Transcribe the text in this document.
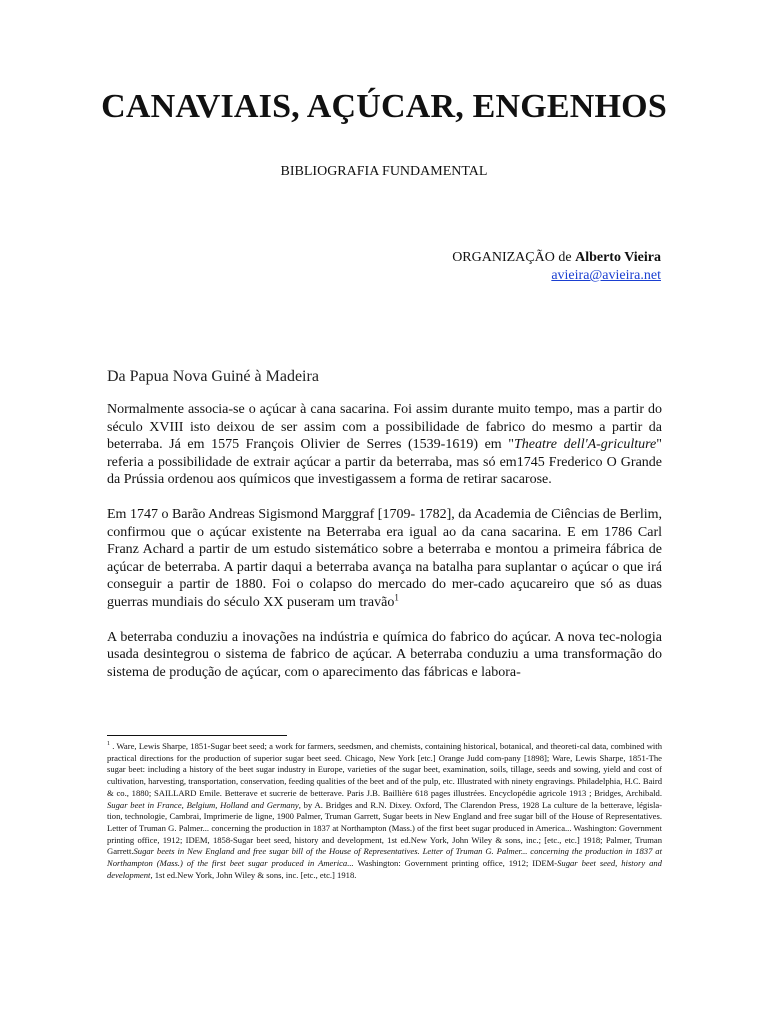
CANAVIAIS, AÇÚCAR, ENGENHOS
BIBLIOGRAFIA FUNDAMENTAL
ORGANIZAÇÃO de Alberto Vieira
avieira@avieira.net
Da Papua Nova Guiné à Madeira

Normalmente associa-se o açúcar à cana sacarina. Foi assim durante muito tempo, mas a partir do século XVIII isto deixou de ser assim com a possibilidade de fabrico do mesmo a partir da beterraba. Já em 1575 François Olivier de Serres (1539-1619) em "Theatre dell'A-griculture" referia a possibilidade de extrair açúcar a partir da beterraba, mas só em1745 Frederico O Grande da Prússia ordenou aos químicos que investigassem a forma de retirar sacarose.

Em 1747 o Barão Andreas Sigismond Marggraf [1709- 1782], da Academia de Ciências de Berlim, confirmou que o açúcar existente na Beterraba era igual ao da cana sacarina. E em 1786 Carl Franz Achard a partir de um estudo sistemático sobre a beterraba e montou a primeira fábrica de açúcar de beterraba. A partir daqui a beterraba avança na batalha para suplantar o açúcar o que irá conseguir a partir de 1880. Foi o colapso do mercado do mer-cado açucareiro que só as duas guerras mundiais do século XX puseram um travão$^1$

A beterraba conduziu a inovações na indústria e química do fabrico do açúcar. A nova tec-nologia usada desintegrou o sistema de fabrico de açúcar. A beterraba conduziu a uma transformação do sistema de produção de açúcar, com o aparecimento das fábricas e labora-

$^1$ . Ware, Lewis Sharpe, 1851-Sugar beet seed; a work for farmers, seedsmen, and chemists, containing historical, botanical, and theoreti-cal data, combined with practical directions for the production of superior sugar beet seed. Chicago, New York [etc.] Orange Judd com-pany [1898]; Ware, Lewis Sharpe, 1851-The sugar beet: including a history of the beet sugar industry in Europe, varieties of the sugar beet, examination, soils, tillage, seeds and sowing, yield and cost of cultivation, harvesting, transportation, conservation, feeding qualities of the beet and of the pulp, etc. Illustrated with ninety engravings. Philadelphia, H.C. Baird & co., 1880; SAILLARD Emile. Betterave et sucrerie de betterave. Paris J.B. Baillière 618 pages illustrées. Encyclopédie agricole 1913 ; Bridges, Archibald. Sugar beet in France, Belgium, Holland and Germany, by A. Bridges and R.N. Dixey. Oxford, The Clarendon Press, 1928 La culture de la betterave, législa-tion, technologie, Cambrai, Imprimerie de ligne, 1900 Palmer, Truman Garrett, Sugar beets in New England and free sugar bill of the House of Representatives. Letter of Truman G. Palmer... concerning the production in 1837 at Northampton (Mass.) of the first beet sugar produced in America... Washington: Government printing office, 1912; IDEM, 1858-Sugar beet seed, history and development, 1st ed.New York, John Wiley & sons, inc.; [etc., etc.] 1918; Palmer, Truman Garrett.Sugar beets in New England and free sugar bill of the House of Representatives. Letter of Truman G. Palmer... concerning the production in 1837 at Northampton (Mass.) of the first beet sugar produced in America... Washington: Government printing office, 1912; IDEM-Sugar beet seed, history and development, 1st ed.New York, John Wiley & sons, inc. [etc., etc.] 1918.
